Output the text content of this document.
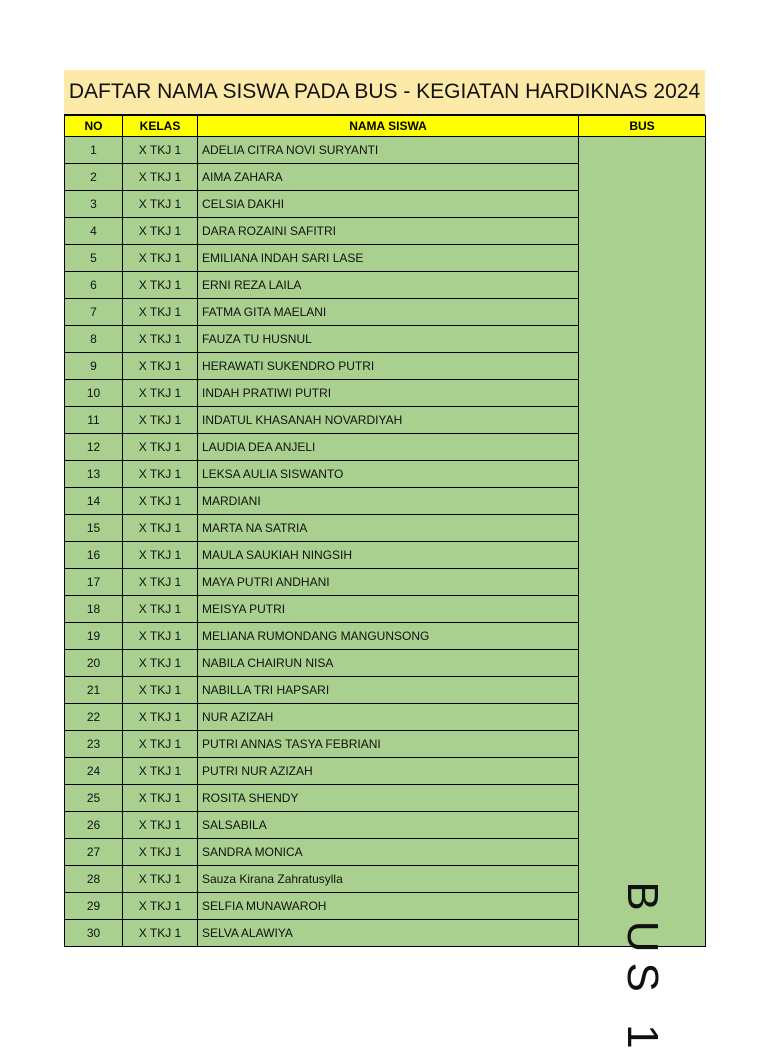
DAFTAR NAMA SISWA PADA BUS - KEGIATAN HARDIKNAS 2024
NO	KELAS	NAMA SISWA	BUS
1	X TKJ 1	ADELIA CITRA NOVI SURYANTI	BUS 1

2	X TKJ 1	AIMA ZAHARA	
3	X TKJ 1	CELSIA DAKHI	
4	X TKJ 1	DARA ROZAINI SAFITRI	
5	X TKJ 1	EMILIANA INDAH SARI LASE	
6	X TKJ 1	ERNI REZA LAILA	
7	X TKJ 1	FATMA GITA MAELANI	
8	X TKJ 1	FAUZA TU HUSNUL	
9	X TKJ 1	HERAWATI SUKENDRO PUTRI	
10	X TKJ 1	INDAH PRATIWI PUTRI	
11	X TKJ 1	INDATUL KHASANAH NOVARDIYAH	
12	X TKJ 1	LAUDIA DEA ANJELI	
13	X TKJ 1	LEKSA AULIA SISWANTO	
14	X TKJ 1	MARDIANI	
15	X TKJ 1	MARTA NA SATRIA	
16	X TKJ 1	MAULA SAUKIAH NINGSIH	
17	X TKJ 1	MAYA PUTRI ANDHANI	
18	X TKJ 1	MEISYA PUTRI	
19	X TKJ 1	MELIANA RUMONDANG MANGUNSONG	
20	X TKJ 1	NABILA CHAIRUN NISA	
21	X TKJ 1	NABILLA TRI HAPSARI	
22	X TKJ 1	NUR AZIZAH	
23	X TKJ 1	PUTRI ANNAS TASYA FEBRIANI	
24	X TKJ 1	PUTRI NUR AZIZAH	
25	X TKJ 1	ROSITA SHENDY	
26	X TKJ 1	SALSABILA	
27	X TKJ 1	SANDRA MONICA	
28	X TKJ 1	Sauza Kirana Zahratusylla	
29	X TKJ 1	SELFIA MUNAWAROH	
30	X TKJ 1	SELVA ALAWIYA	
